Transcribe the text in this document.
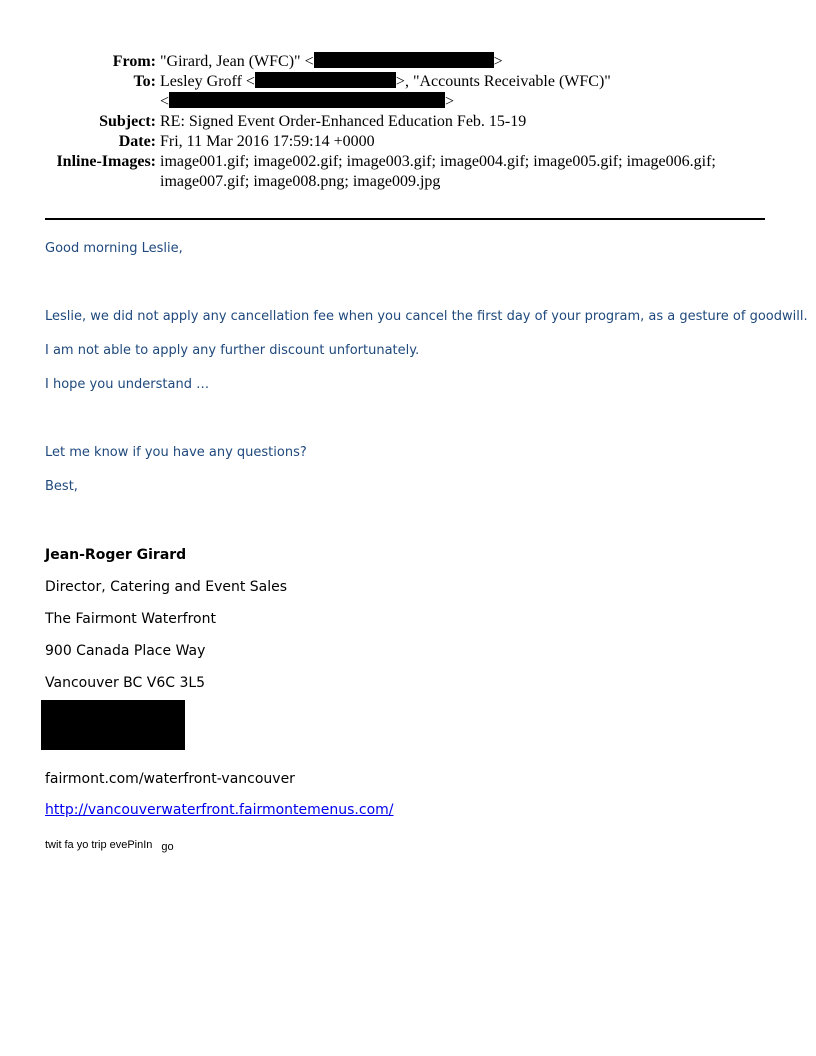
From: "Girard, Jean (WFC)" <	>
To: Lesley Groff <	>, "Accounts Receivable (WFC)"
<	>
Subject: RE: Signed Event Order-Enhanced Education Feb. 15-19
Date: Fri, 11 Mar 2016 17:59:14 +0000
Inline-Images: image001.gif; image002.gif; image003.gif; image004.gif; image005.gif; image006.gif;
image007.gif; image008.png; image009.jpg
Good morning Leslie,
Leslie, we did not apply any cancellation fee when you cancel the first day of your program, as a gesture of goodwill.
I am not able to apply any further discount unfortunately.
I hope you understand …
Let me know if you have any questions?
Best,
Jean-Roger Girard
Director, Catering and Event Sales
The Fairmont Waterfront
900 Canada Place Way
Vancouver BC V6C 3L5
fairmont.com/waterfront-vancouver
http://vancouverwaterfront.fairmontemenus.com/
twit fa yo trip evePinIn go
